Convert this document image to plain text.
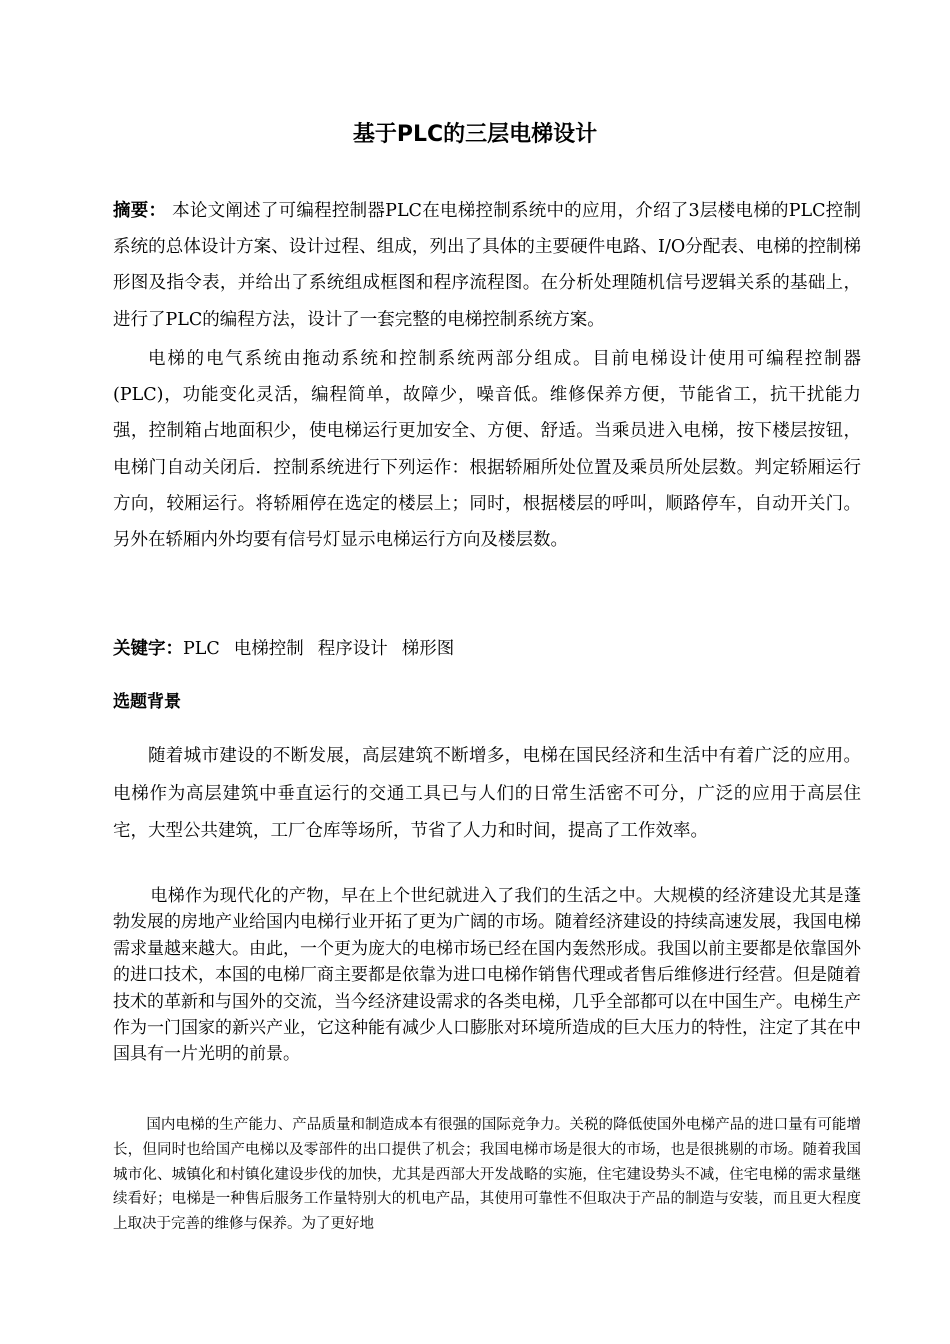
基于PLC的三层电梯设计

摘要： 本论文阐述了可编程控制器PLC在电梯控制系统中的应用，介绍了3层楼电梯的PLC控制系统的总体设计方案、设计过程、组成，列出了具体的主要硬件电路、I/O分配表、电梯的控制梯形图及指令表，并给出了系统组成框图和程序流程图。在分析处理随机信号逻辑关系的基础上，进行了PLC的编程方法，设计了一套完整的电梯控制系统方案。

电梯的电气系统由拖动系统和控制系统两部分组成。目前电梯设计使用可编程控制器(PLC)，功能变化灵活，编程简单，故障少，噪音低。维修保养方便，节能省工，抗干扰能力强，控制箱占地面积少，使电梯运行更加安全、方便、舒适。当乘员进入电梯，按下楼层按钮，电梯门自动关闭后．控制系统进行下列运作：根据轿厢所处位置及乘员所处层数。判定轿厢运行方向，较厢运行。将轿厢停在选定的楼层上；同时，根据楼层的呼叫，顺路停车，自动开关门。另外在轿厢内外均要有信号灯显示电梯运行方向及楼层数。

关键字：PLC 电梯控制 程序设计 梯形图

选题背景

随着城市建设的不断发展，高层建筑不断增多，电梯在国民经济和生活中有着广泛的应用。电梯作为高层建筑中垂直运行的交通工具已与人们的日常生活密不可分，广泛的应用于高层住宅，大型公共建筑，工厂仓库等场所，节省了人力和时间，提高了工作效率。

电梯作为现代化的产物，早在上个世纪就进入了我们的生活之中。大规模的经济建设尤其是蓬勃发展的房地产业给国内电梯行业开拓了更为广阔的市场。随着经济建设的持续高速发展，我国电梯需求量越来越大。由此，一个更为庞大的电梯市场已经在国内轰然形成。我国以前主要都是依靠国外的进口技术，本国的电梯厂商主要都是依靠为进口电梯作销售代理或者售后维修进行经营。但是随着技术的革新和与国外的交流，当今经济建设需求的各类电梯，几乎全部都可以在中国生产。电梯生产作为一门国家的新兴产业，它这种能有减少人口膨胀对环境所造成的巨大压力的特性，注定了其在中国具有一片光明的前景。

国内电梯的生产能力、产品质量和制造成本有很强的国际竞争力。关税的降低使国外电梯产品的进口量有可能增长，但同时也给国产电梯以及零部件的出口提供了机会；我国电梯市场是很大的市场，也是很挑剔的市场。随着我国城市化、城镇化和村镇化建设步伐的加快，尤其是西部大开发战略的实施，住宅建设势头不减，住宅电梯的需求量继续看好；电梯是一种售后服务工作量特别大的机电产品，其使用可靠性不但取决于产品的制造与安装，而且更大程度上取决于完善的维修与保养。为了更好地
